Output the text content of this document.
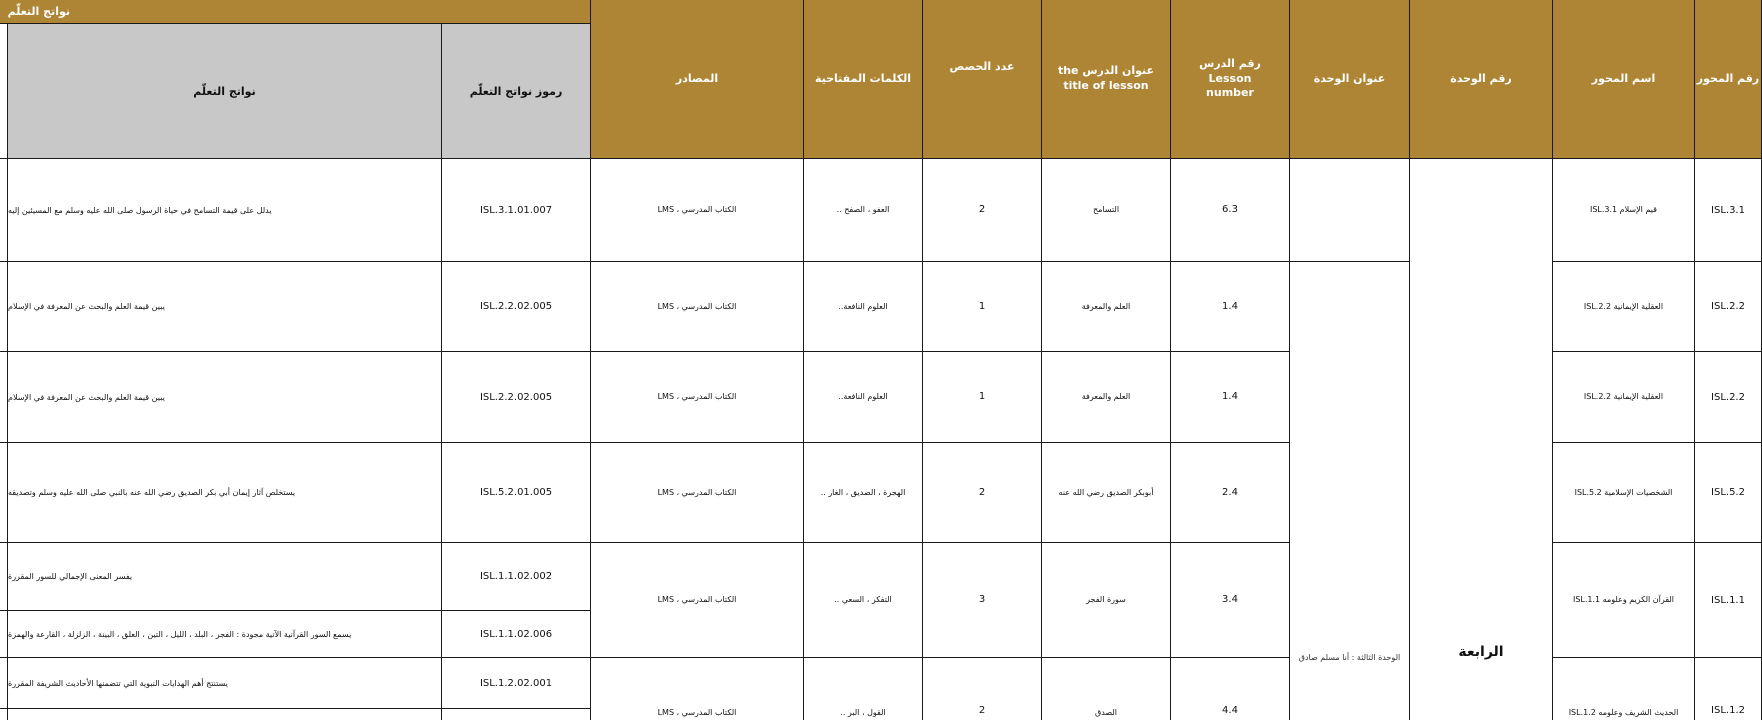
نواتج التعلّم
رقم المحور
اسم المحور
رقم الوحدة
عنوان الوحدة
رقم الدرس Lesson number
عنوان الدرس the title of lesson
عدد الحصص
الكلمات المفتاحية
المصادر
رموز نواتج التعلّم
نواتج التعلّم
الرابعة
الوحدة الثالثة : أنا مسلم صادق
ISL.3.1
قيم الإسلام ISL.3.1
6.3
التسامح
2
العفو ، الصفح ..
الكتاب المدرسي ، LMS
ISL.3.1.01.007
يدلل على قيمة التسامح في حياة الرسول صلى الله عليه وسلم مع المسيئين إليه
ISL.2.2
العقلية الإيمانية ISL.2.2
1.4
العلم والمعرفة
1
العلوم النافعة..
الكتاب المدرسي ، LMS
ISL.2.2.02.005
يبين قيمة العلم والبحث عن المعرفة في الإسلام
ISL.2.2
العقلية الإيمانية ISL.2.2
1.4
العلم والمعرفة
1
العلوم النافعة..
الكتاب المدرسي ، LMS
ISL.2.2.02.005
يبين قيمة العلم والبحث عن المعرفة في الإسلام
ISL.5.2
الشخصيات الإسلامية ISL.5.2
2.4
أبوبكر الصديق رضي الله عنه
2
الهجرة ، الصديق ، الغار ..
الكتاب المدرسي ، LMS
ISL.5.2.01.005
يستخلص آثار إيمان أبي بكر الصديق رضي الله عنه بالنبي صلى الله عليه وسلم وتصديقه
ISL.1.1
القرآن الكريم وعلومه ISL.1.1
3.4
سورة الفجر
3
التفكر ، السعي ..
الكتاب المدرسي ، LMS
ISL.1.1.02.002
يفسر المعنى الإجمالي للسور المقررة
ISL.1.1.02.006
يسمع السور القرآنية الآتية مجودة : الفجر ، البلد ، الليل ، التين ، العلق ، البينة ، الزلزلة ، القارعة والهمزة
ISL.1.2
الحديث الشريف وعلومه ISL.1.2
4.4
الصدق
2
القول ، البر ..
الكتاب المدرسي ، LMS
ISL.1.2.02.001
يستنتج أهم الهدايات النبوية التي تتضمنها الأحاديث الشريفة المقررة
